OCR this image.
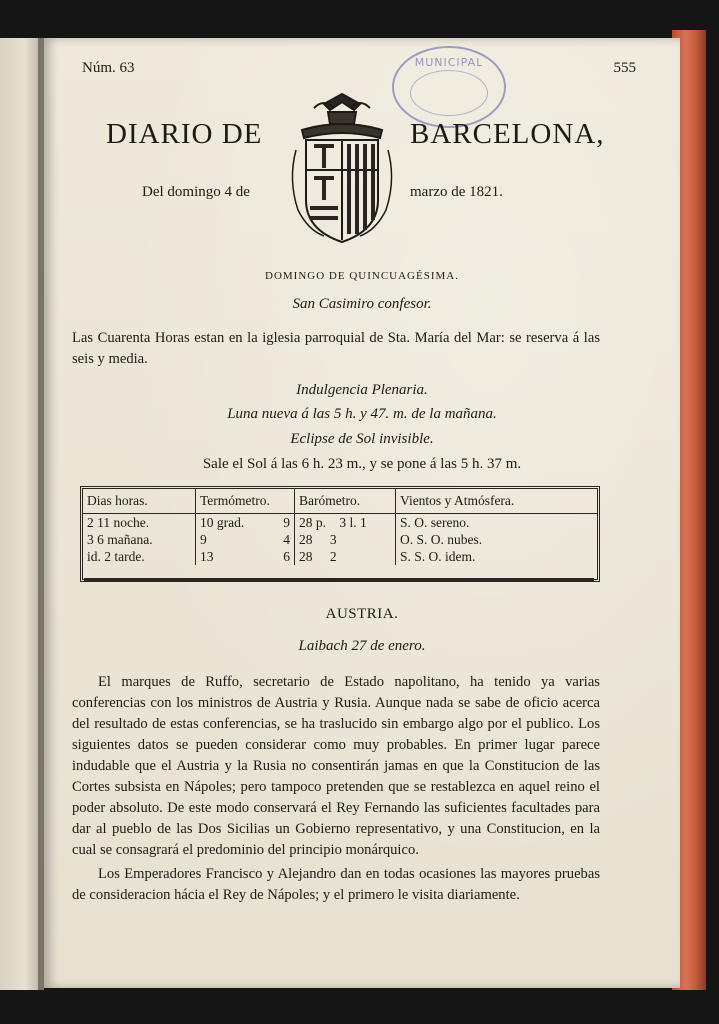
Núm. 63	555
MUNICIPAL
DIARIO DE	BARCELONA,
Del domingo 4 de	marzo de 1821.
DOMINGO DE QUINCUAGÉSIMA.
San Casimiro confesor.
Las Cuarenta Horas estan en la iglesia parroquial de Sta. María del Mar: se reserva á las seis y media.
Indulgencia Plenaria.
Luna nueva á las 5 h. y 47. m. de la mañana.
Eclipse de Sol invisible.
Sale el Sol á las 6 h. 23 m., y se pone á las 5 h. 37 m.
Dias horas.	Termómetro.	Barómetro.	Vientos y Atmósfera.
2 11 noche.	10 grad. 9	28 p. 3 l. 1	S. O. sereno.
3 6 mañana.	9 4	28 3	O. S. O. nubes.
id. 2 tarde.	13 6	28 2	S. S. O. idem.
AUSTRIA.
Laibach 27 de enero.
El marques de Ruffo, secretario de Estado napolitano, ha tenido ya varias conferencias con los ministros de Austria y Rusia. Aunque nada se sabe de oficio acerca del resultado de estas conferencias, se ha traslucido sin embargo algo por el publico. Los siguientes datos se pueden considerar como muy probables. En primer lugar parece indudable que el Austria y la Rusia no consentirán jamas en que la Constitucion de las Cortes subsista en Nápoles; pero tampoco pretenden que se restablezca en aquel reino el poder absoluto. De este modo conservará el Rey Fernando las suficientes facultades para dar al pueblo de las Dos Sicilias un Gobierno representativo, y una Constitucion, en la cual se consagrará el predominio del principio monárquico.
Los Emperadores Francisco y Alejandro dan en todas ocasiones las mayores pruebas de consideracion hácia el Rey de Nápoles; y el primero le visita diariamente.
